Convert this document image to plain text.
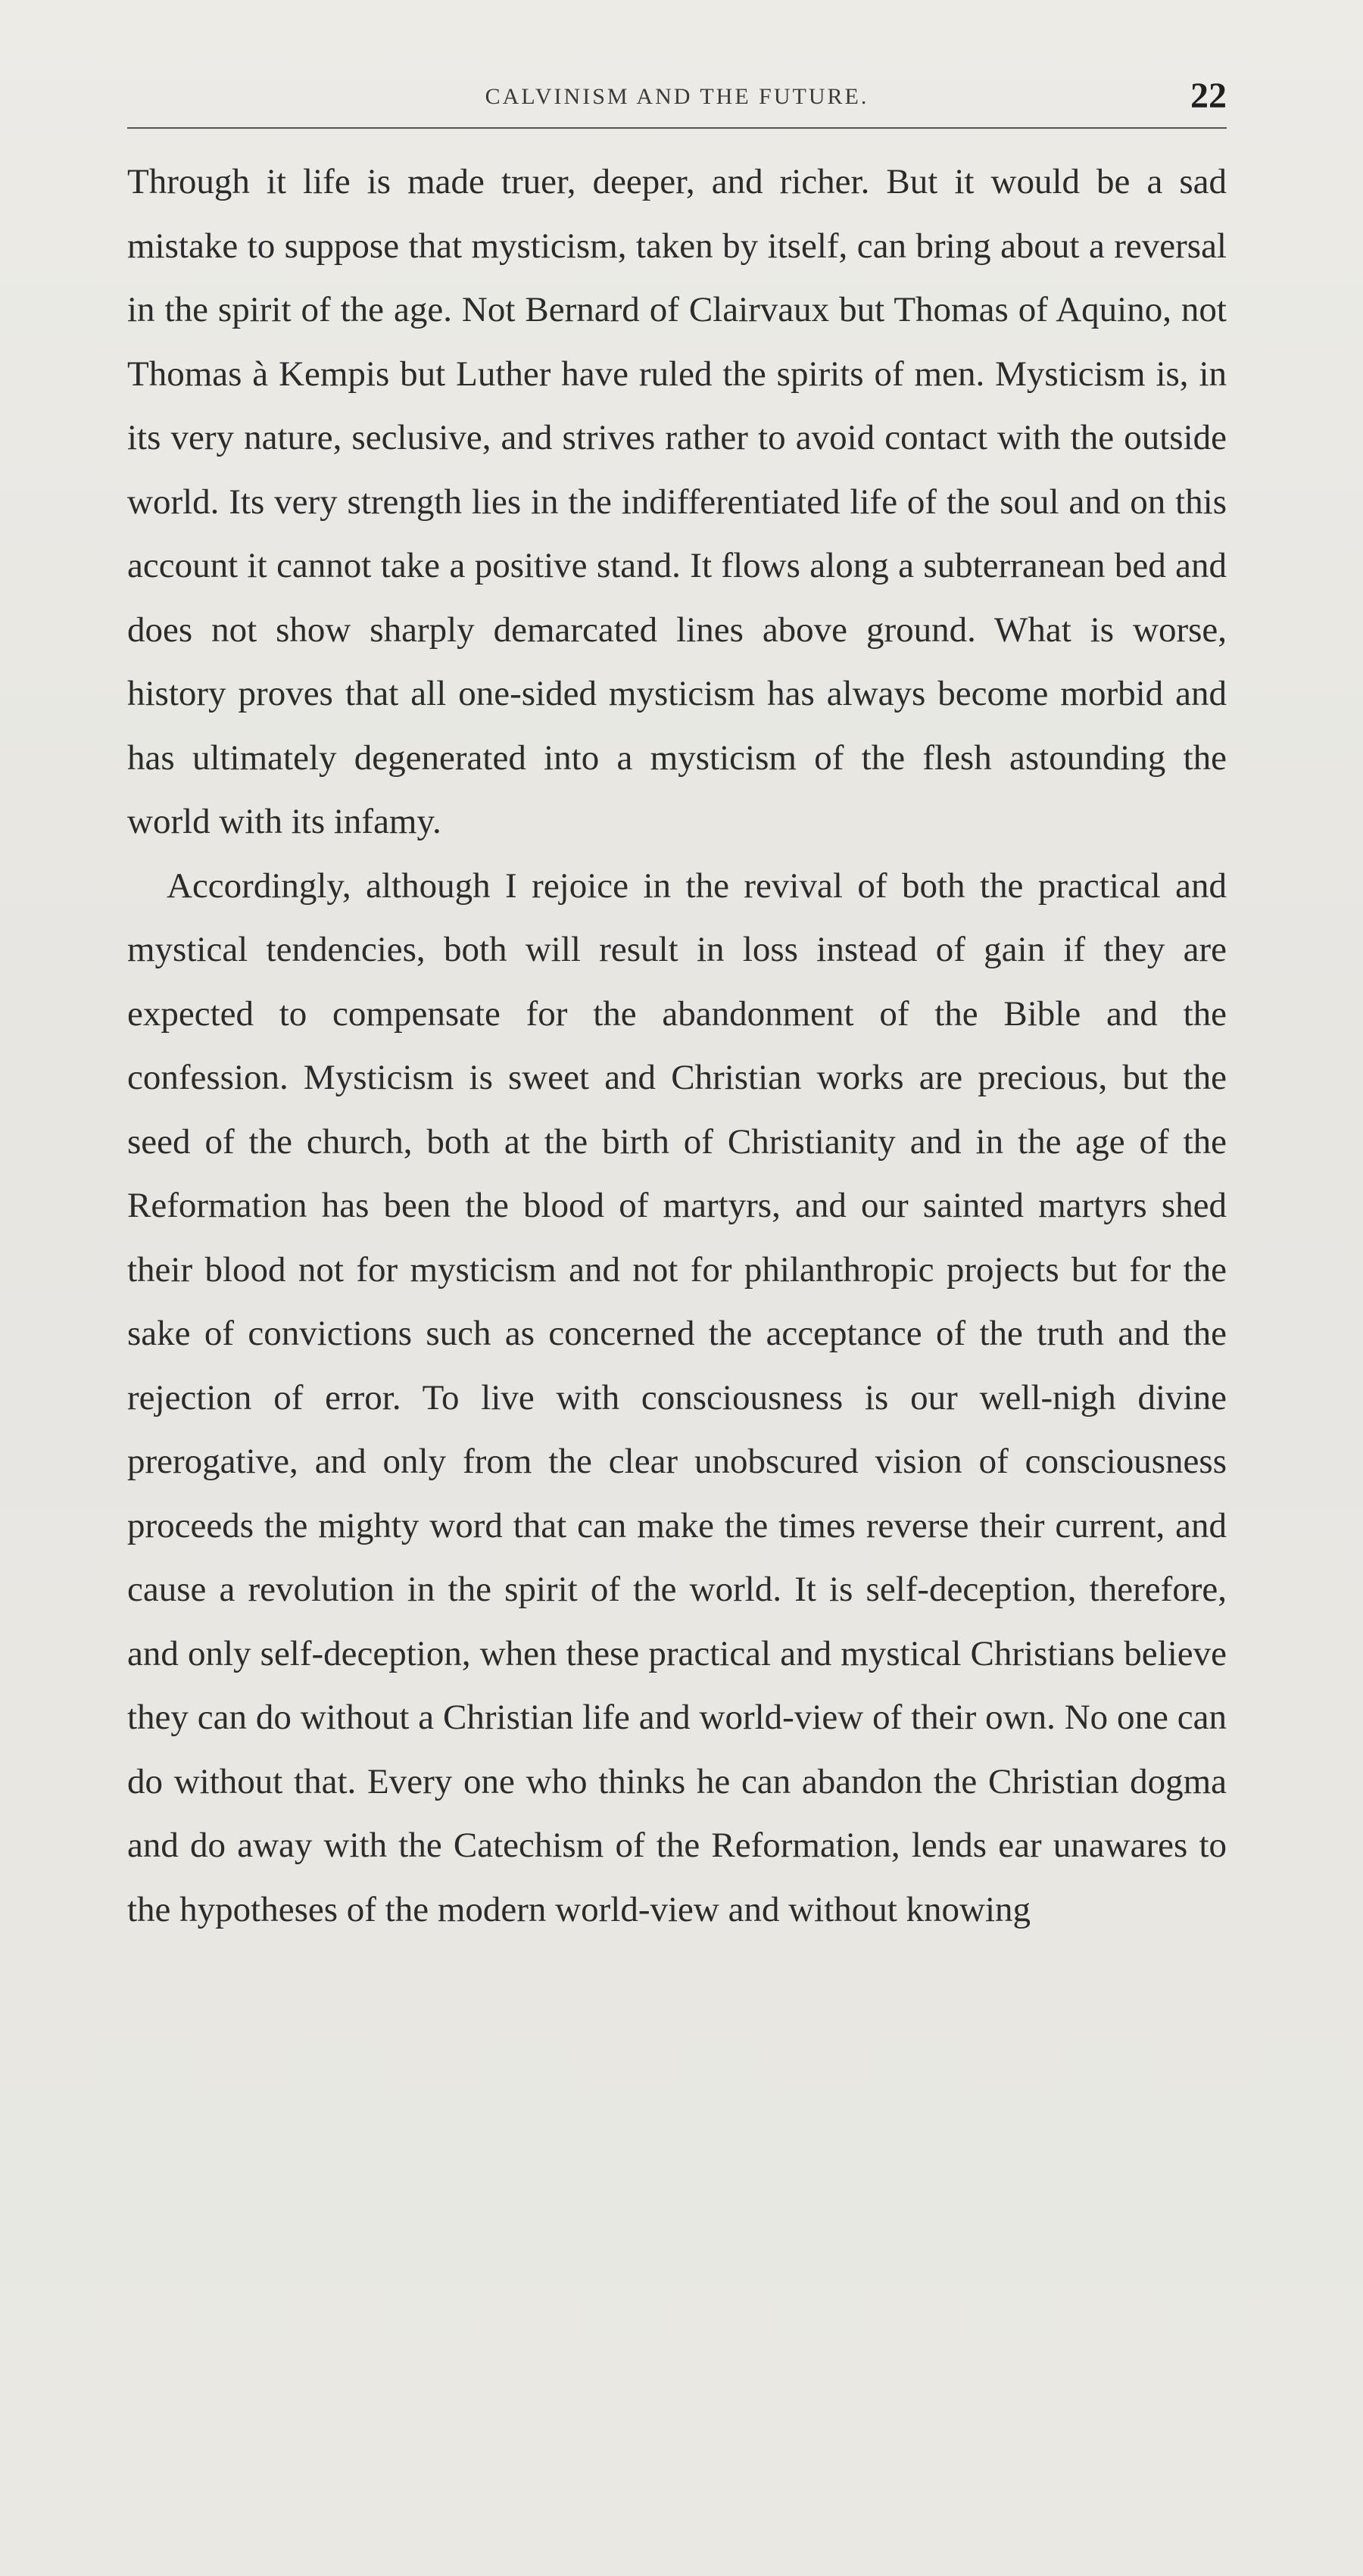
CALVINISM AND THE FUTURE.	22

Through it life is made truer, deeper, and richer. But it would be a sad mistake to suppose that mysticism, taken by itself, can bring about a reversal in the spirit of the age. Not Bernard of Clairvaux but Thomas of Aquino, not Thomas à Kempis but Luther have ruled the spirits of men. Mysticism is, in its very nature, seclusive, and strives rather to avoid contact with the outside world. Its very strength lies in the indifferentiated life of the soul and on this account it cannot take a positive stand. It flows along a subterranean bed and does not show sharply demarcated lines above ground. What is worse, history proves that all one-sided mysticism has always become morbid and has ultimately degenerated into a mysticism of the flesh astounding the world with its infamy.

Accordingly, although I rejoice in the revival of both the practical and mystical tendencies, both will result in loss instead of gain if they are expected to compensate for the abandonment of the Bible and the confession. Mysticism is sweet and Christian works are precious, but the seed of the church, both at the birth of Christianity and in the age of the Reformation has been the blood of martyrs, and our sainted martyrs shed their blood not for mysticism and not for philanthropic projects but for the sake of convictions such as concerned the acceptance of the truth and the rejection of error. To live with consciousness is our well-nigh divine prerogative, and only from the clear unobscured vision of consciousness proceeds the mighty word that can make the times reverse their current, and cause a revolution in the spirit of the world. It is self-deception, therefore, and only self-deception, when these practical and mystical Christians believe they can do without a Christian life and world-view of their own. No one can do without that. Every one who thinks he can abandon the Christian dogma and do away with the Catechism of the Reformation, lends ear unawares to the hypotheses of the modern world-view and without knowing
